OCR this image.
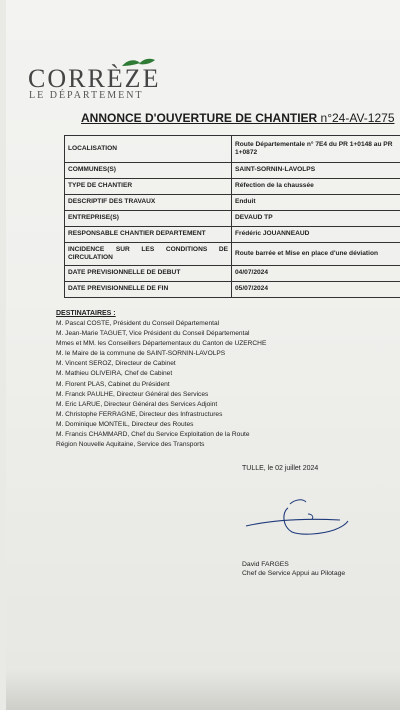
CORRÈZE
LE DÉPARTEMENT
ANNONCE D'OUVERTURE DE CHANTIER n°24-AV-1275
LOCALISATION	Route Départementale n° 7E4 du PR 1+0148 au PR 1+0872
COMMUNES(S)	SAINT-SORNIN-LAVOLPS
TYPE DE CHANTIER	Réfection de la chaussée
DESCRIPTIF DES TRAVAUX	Enduit
ENTREPRISE(S)	DEVAUD TP
RESPONSABLE CHANTIER DEPARTEMENT	Frédéric JOUANNEAUD
INCIDENCE SUR LES CONDITIONS DE CIRCULATION	Route barrée et Mise en place d'une déviation
DATE PREVISIONNELLE DE DEBUT	04/07/2024
DATE PREVISIONNELLE DE FIN	05/07/2024
DESTINATAIRES :
M. Pascal COSTE, Président du Conseil Départemental
M. Jean-Marie TAGUET, Vice Président du Conseil Départemental
Mmes et MM. les Conseillers Départementaux du Canton de UZERCHE
M. le Maire de la commune de SAINT-SORNIN-LAVOLPS
M. Vincent SEROZ, Directeur de Cabinet
M. Mathieu OLIVEIRA, Chef de Cabinet
M. Florent PLAS, Cabinet du Président
M. Franck PAULHE, Directeur Général des Services
M. Eric LARUE, Directeur Général des Services Adjoint
M. Christophe FERRAGNE, Directeur des Infrastructures
M. Dominique MONTEIL, Directeur des Routes
M. Francis CHAMMARD, Chef du Service Exploitation de la Route
Région Nouvelle Aquitaine, Service des Transports
TULLE, le 02 juillet 2024
David FARGES
Chef de Service Appui au Pilotage
